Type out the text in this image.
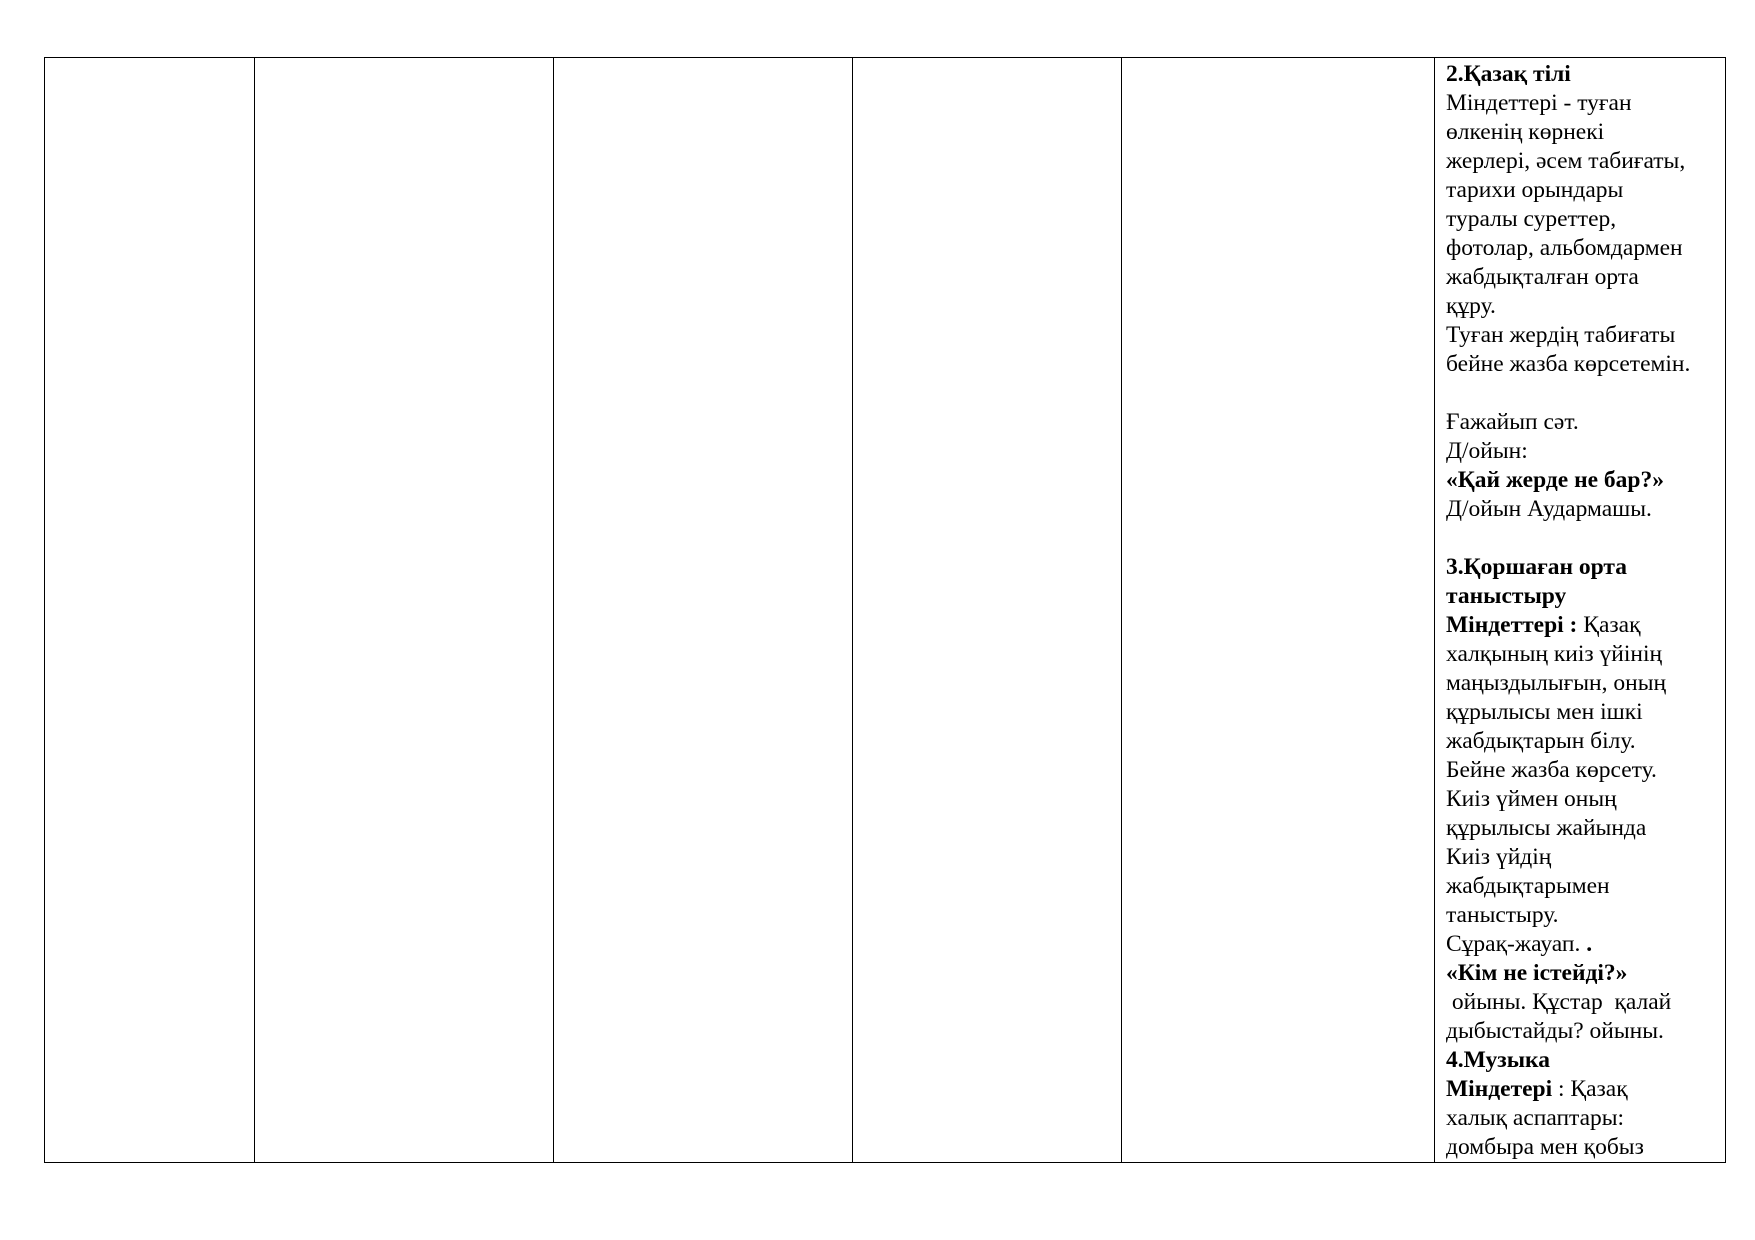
2.Қазақ тілі

Міндеттері - туған

өлкенің көрнекі

жерлері, әсем табиғаты,

тарихи орындары

туралы суреттер,

фотолар, альбомдармен

жабдықталған орта

құру.

Туған жердің табиғаты

бейне жазба көрсетемін.

Ғажайып сәт.

Д/ойын:

«Қай жерде не бар?»

Д/ойын Аудармашы.

3.Қоршаған орта

таныстыру

Міндеттері : Қазақ

халқының киіз үйінің

маңыздылығын, оның

құрылысы мен ішкі

жабдықтарын білу.

Бейне жазба көрсету.

Киіз үймен оның

құрылысы жайында

Киіз үйдің

жабдықтарымен

таныстыру.

Сұрақ-жауап. .

«Кім не істейді?»

ойыны. Құстар  қалай

дыбыстайды? ойыны.

4.Музыка

Міндетері : Қазақ

халық аспаптары:

домбыра мен қобыз
